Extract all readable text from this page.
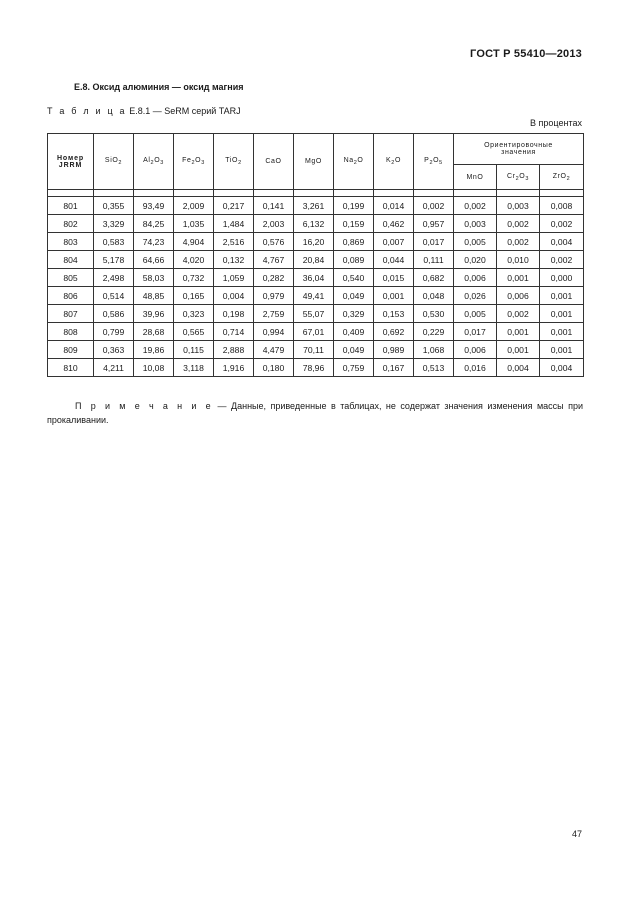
ГОСТ Р 55410—2013
Е.8. Оксид алюминия — оксид магния
Т а б л и ц а Е.8.1 — SeRM серий TARJ
В процентах
Номер
JRRM	SiO$_2$	$Al_2O_3$	$Fe_2O_3$	TiO$_2$	CaO	MgO	$Na_2O$	$K_2O$	$P_2O_5$	Ориентировочные
значения		
										MnO	$Cr_2O_3$	ZrO$_2$

801	0,355	93,49	2,009	0,217	0,141	3,261	0,199	0,014	0,002	0,002	0,003	0,008
802	3,329	84,25	1,035	1,484	2,003	6,132	0,159	0,462	0,957	0,003	0,002	0,002
803	0,583	74,23	4,904	2,516	0,576	16,20	0,869	0,007	0,017	0,005	0,002	0,004
804	5,178	64,66	4,020	0,132	4,767	20,84	0,089	0,044	0,111	0,020	0,010	0,002
805	2,498	58,03	0,732	1,059	0,282	36,04	0,540	0,015	0,682	0,006	0,001	0,000
806	0,514	48,85	0,165	0,004	0,979	49,41	0,049	0,001	0,048	0,026	0,006	0,001
807	0,586	39,96	0,323	0,198	2,759	55,07	0,329	0,153	0,530	0,005	0,002	0,001
808	0,799	28,68	0,565	0,714	0,994	67,01	0,409	0,692	0,229	0,017	0,001	0,001
809	0,363	19,86	0,115	2,888	4,479	70,11	0,049	0,989	1,068	0,006	0,001	0,001
810	4,211	10,08	3,118	1,916	0,180	78,96	0,759	0,167	0,513	0,016	0,004	0,004
П р и м е ч а н и е — Данные, приведенные в таблицах, не содержат значения изменения массы при прокаливании.
47
